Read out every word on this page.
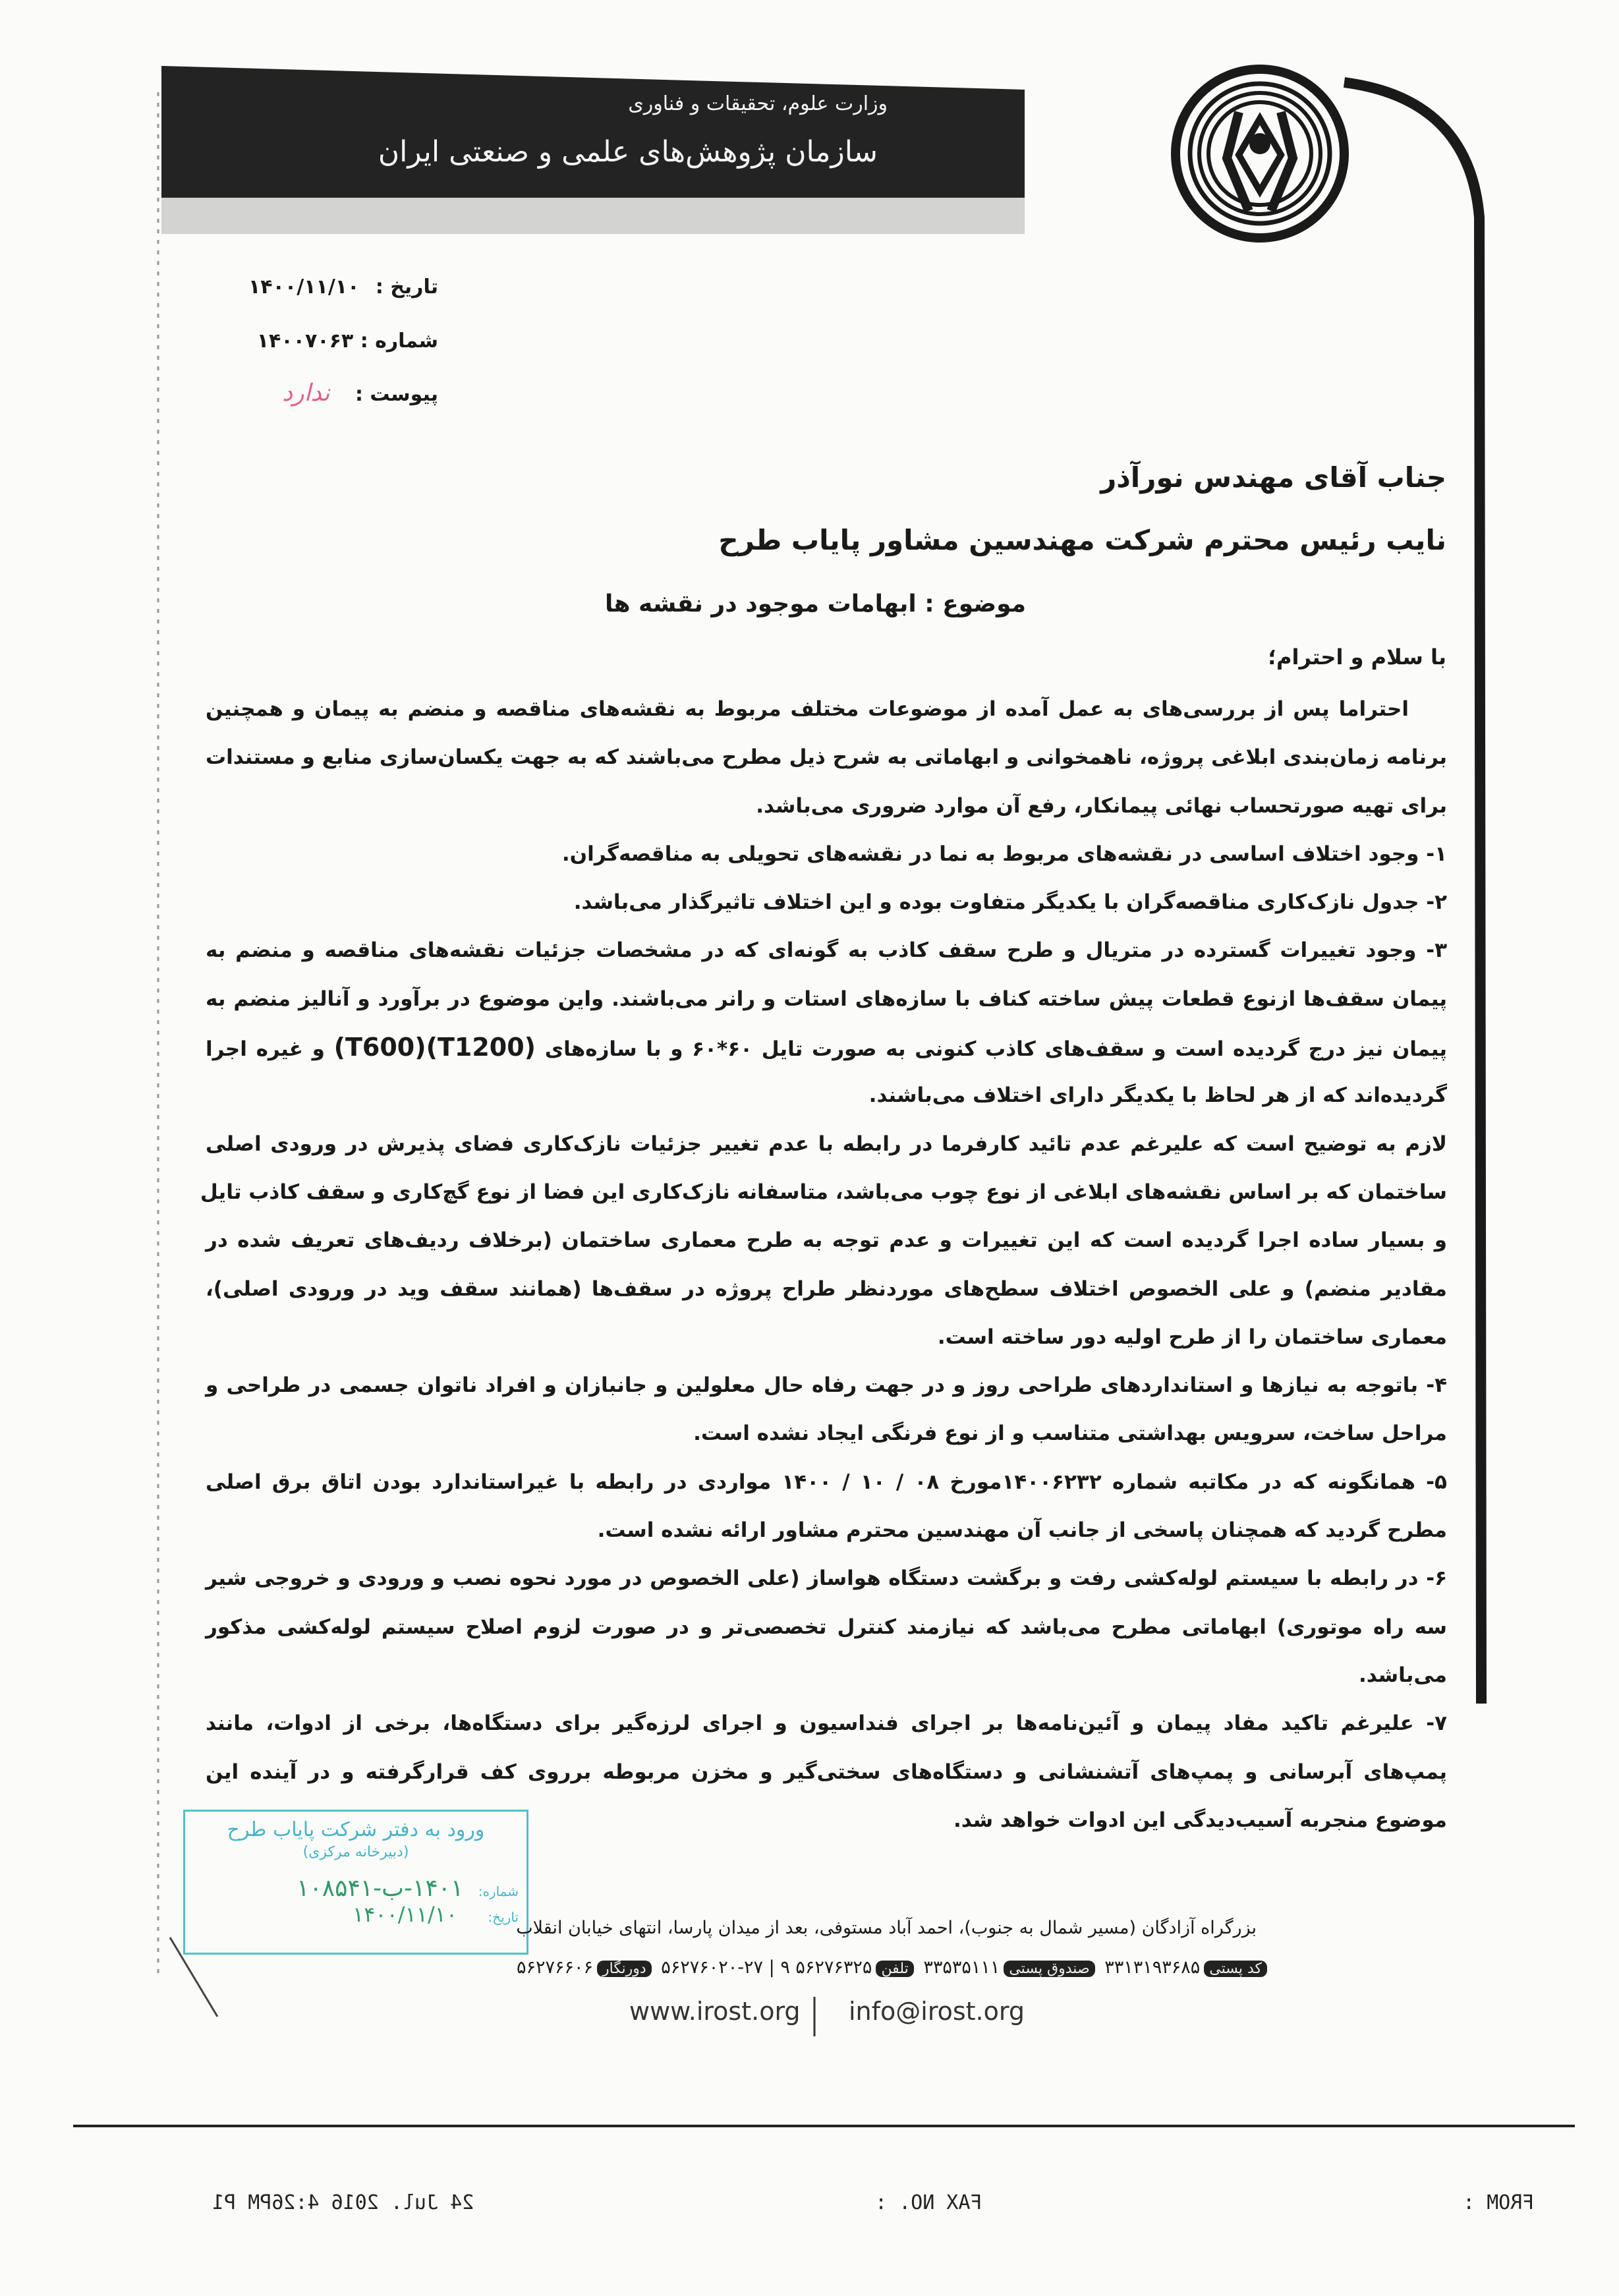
وزارت علوم، تحقیقات و فناوری
سازمان پژوهش‌های علمی و صنعتی ایران
تاریخ : ۱۴۰۰/۱۱/۱۰
شماره : ۱۴۰۰۷۰۶۳
پیوست : ندارد
جناب آقای مهندس نورآذر
نایب رئیس محترم شرکت مهندسین مشاور پایاب طرح
موضوع : ابهامات موجود در نقشه ها
با سلام و احترام؛
احتراما پس از بررسی‌های به عمل آمده از موضوعات مختلف مربوط به نقشه‌های مناقصه و منضم به پیمان و همچنین
برنامه زمان‌بندی ابلاغی پروژه، ناهمخوانی و ابهاماتی به شرح ذیل مطرح می‌باشند که به جهت یکسان‌سازی منابع و مستندات
برای تهیه صورتحساب نهائی پیمانکار، رفع آن موارد ضروری می‌باشد.
۱- وجود اختلاف اساسی در نقشه‌های مربوط به نما در نقشه‌های تحویلی به مناقصه‌گران.
۲- جدول نازک‌کاری مناقصه‌گران با یکدیگر متفاوت بوده و این اختلاف تاثیرگذار می‌باشد.
۳- وجود تغییرات گسترده در متریال و طرح سقف کاذب به گونه‌ای که در مشخصات جزئیات نقشه‌های مناقصه و منضم به
پیمان سقف‌ها ازنوع قطعات پیش ساخته کناف با سازه‌های استات و رانر می‌باشند. واین موضوع در برآورد و آنالیز منضم به
پیمان نیز درج گردیده است و سقف‌های کاذب کنونی به صورت تایل ۶۰*۶۰ و با سازه‌های (T600)(T1200) و غیره اجرا
گردیده‌اند که از هر لحاظ با یکدیگر دارای اختلاف می‌باشند.
لازم به توضیح است که علیرغم عدم تائید کارفرما در رابطه با عدم تغییر جزئیات نازک‌کاری فضای پذیرش در ورودی اصلی
ساختمان که بر اساس نقشه‌های ابلاغی از نوع چوب می‌باشد، متاسفانه نازک‌کاری این فضا از نوع گچ‌کاری و سقف کاذب تایل
و بسیار ساده اجرا گردیده است که این تغییرات و عدم توجه به طرح معماری ساختمان (برخلاف ردیف‌های تعریف شده در
مقادیر منضم) و علی الخصوص اختلاف سطح‌های موردنظر طراح پروژه در سقف‌ها (همانند سقف وید در ورودی اصلی)،
معماری ساختمان را از طرح اولیه دور ساخته است.
۴- باتوجه به نیازها و استانداردهای طراحی روز و در جهت رفاه حال معلولین و جانبازان و افراد ناتوان جسمی در طراحی و
مراحل ساخت، سرویس بهداشتی متناسب و از نوع فرنگی ایجاد نشده است.
۵- همانگونه که در مکاتبه شماره ۱۴۰۰۶۲۳۲مورخ ۰۸ / ۱۰ / ۱۴۰۰ مواردی در رابطه با غیراستاندارد بودن اتاق برق اصلی
مطرح گردید که همچنان پاسخی از جانب آن مهندسین محترم مشاور ارائه نشده است.
۶- در رابطه با سیستم لوله‌کشی رفت و برگشت دستگاه هواساز (علی الخصوص در مورد نحوه نصب و ورودی و خروجی شیر
سه راه موتوری) ابهاماتی مطرح می‌باشد که نیازمند کنترل تخصصی‌تر و در صورت لزوم اصلاح سیستم لوله‌کشی مذکور
می‌باشد.
۷- علیرغم تاکید مفاد پیمان و آئین‌نامه‌ها بر اجرای فنداسیون و اجرای لرزه‌گیر برای دستگاه‌ها، برخی از ادوات، مانند
پمپ‌های آبرسانی و پمپ‌های آتشنشانی و دستگاه‌های سختی‌گیر و مخزن مربوطه برروی کف قرارگرفته و در آینده این
موضوع منجربه آسیب‌دیدگی این ادوات خواهد شد.
ورود به دفتر شرکت پایاب طرح
(دبیرخانه مرکزی)
شماره: ۱۴۰۱-ب-۱۰۸۵۴۱
تاریخ: ۱۴۰۰/۱۱/۱۰
بزرگراه آزادگان (مسیر شمال به جنوب)، احمد آباد مستوفی، بعد از میدان پارسا، انتهای خیابان انقلاب
کد پستی۳۳۱۳۱۹۳۶۸۵ صندوق پستی۳۳۵۳۵۱۱۱ تلفن۵۶۲۷۶۳۲۵ ۹ | ۵۶۲۷۶۰۲۰-۲۷ دورنگار۵۶۲۷۶۶۰۶
www.irost.org info@irost.org
24 Jul. 2016 4:26PM P1	FAX NO. :	FROM :
